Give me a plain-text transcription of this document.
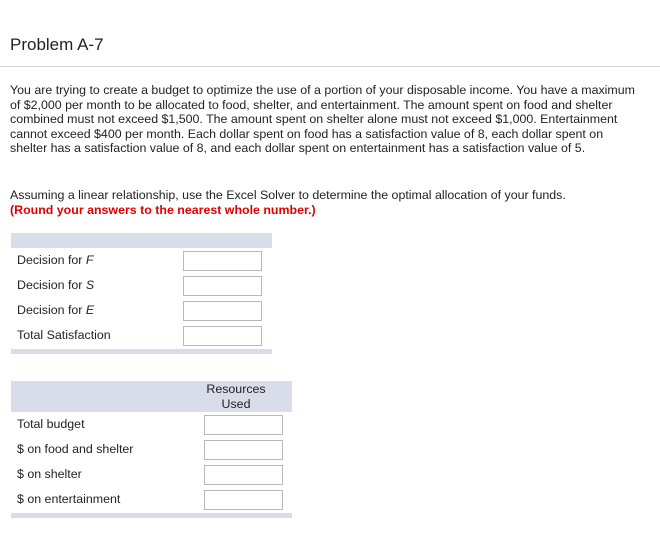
Problem A-7

You are trying to create a budget to optimize the use of a portion of your disposable income. You have a maximum of $2,000 per month to be allocated to food, shelter, and entertainment. The amount spent on food and shelter combined must not exceed $1,500. The amount spent on shelter alone must not exceed $1,000. Entertainment cannot exceed $400 per month. Each dollar spent on food has a satisfaction value of 8, each dollar spent on shelter has a satisfaction value of 8, and each dollar spent on entertainment has a satisfaction value of 5.

Assuming a linear relationship, use the Excel Solver to determine the optimal allocation of your funds.
(Round your answers to the nearest whole number.)

Decision for F
Decision for S
Decision for E
Total Satisfaction
Resources
Used
Total budget
$ on food and shelter
$ on shelter
$ on entertainment
